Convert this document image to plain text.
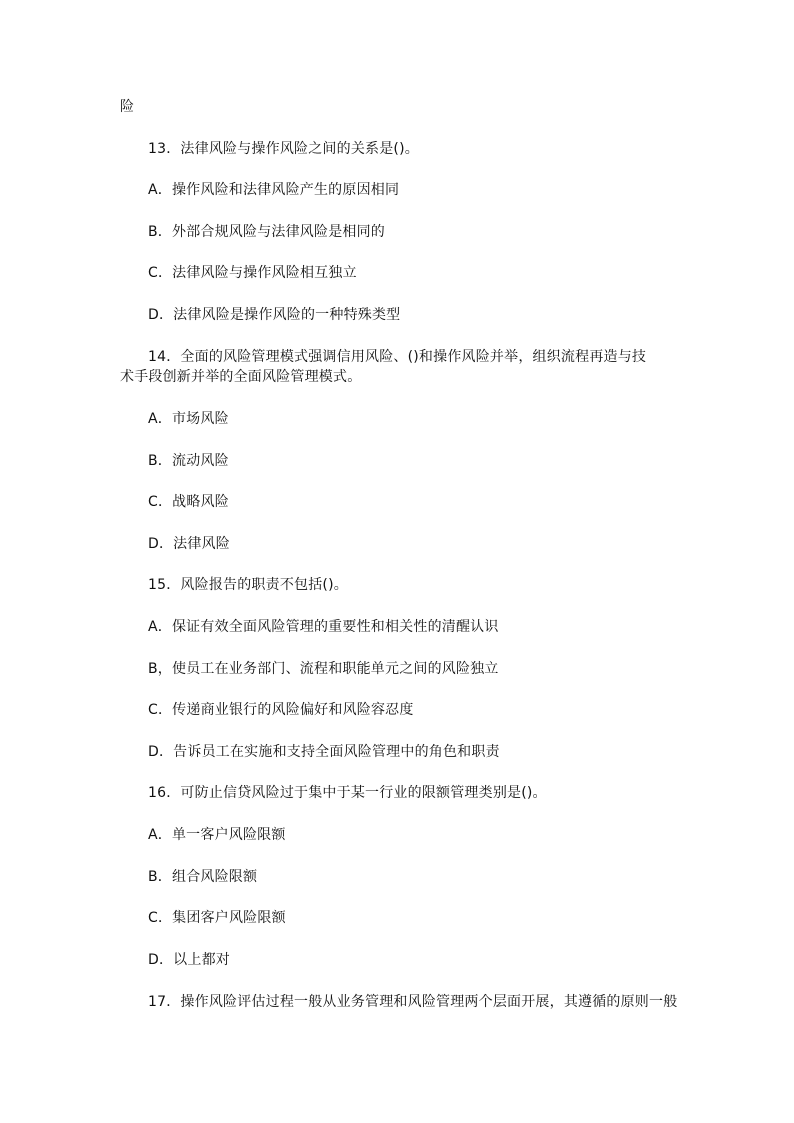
险
13．法律风险与操作风险之间的关系是()。
A．操作风险和法律风险产生的原因相同
B．外部合规风险与法律风险是相同的
C．法律风险与操作风险相互独立
D．法律风险是操作风险的一种特殊类型
14．全面的风险管理模式强调信用风险、()和操作风险并举，组织流程再造与技术手段创新并举的全面风险管理模式。
A．市场风险
B．流动风险
C．战略风险
D．法律风险
15．风险报告的职责不包括()。
A．保证有效全面风险管理的重要性和相关性的清醒认识
B，使员工在业务部门、流程和职能单元之间的风险独立
C．传递商业银行的风险偏好和风险容忍度
D．告诉员工在实施和支持全面风险管理中的角色和职责
16．可防止信贷风险过于集中于某一行业的限额管理类别是()。
A．单一客户风险限额
B．组合风险限额
C．集团客户风险限额
D．以上都对
17．操作风险评估过程一般从业务管理和风险管理两个层面开展，其遵循的原则一般
